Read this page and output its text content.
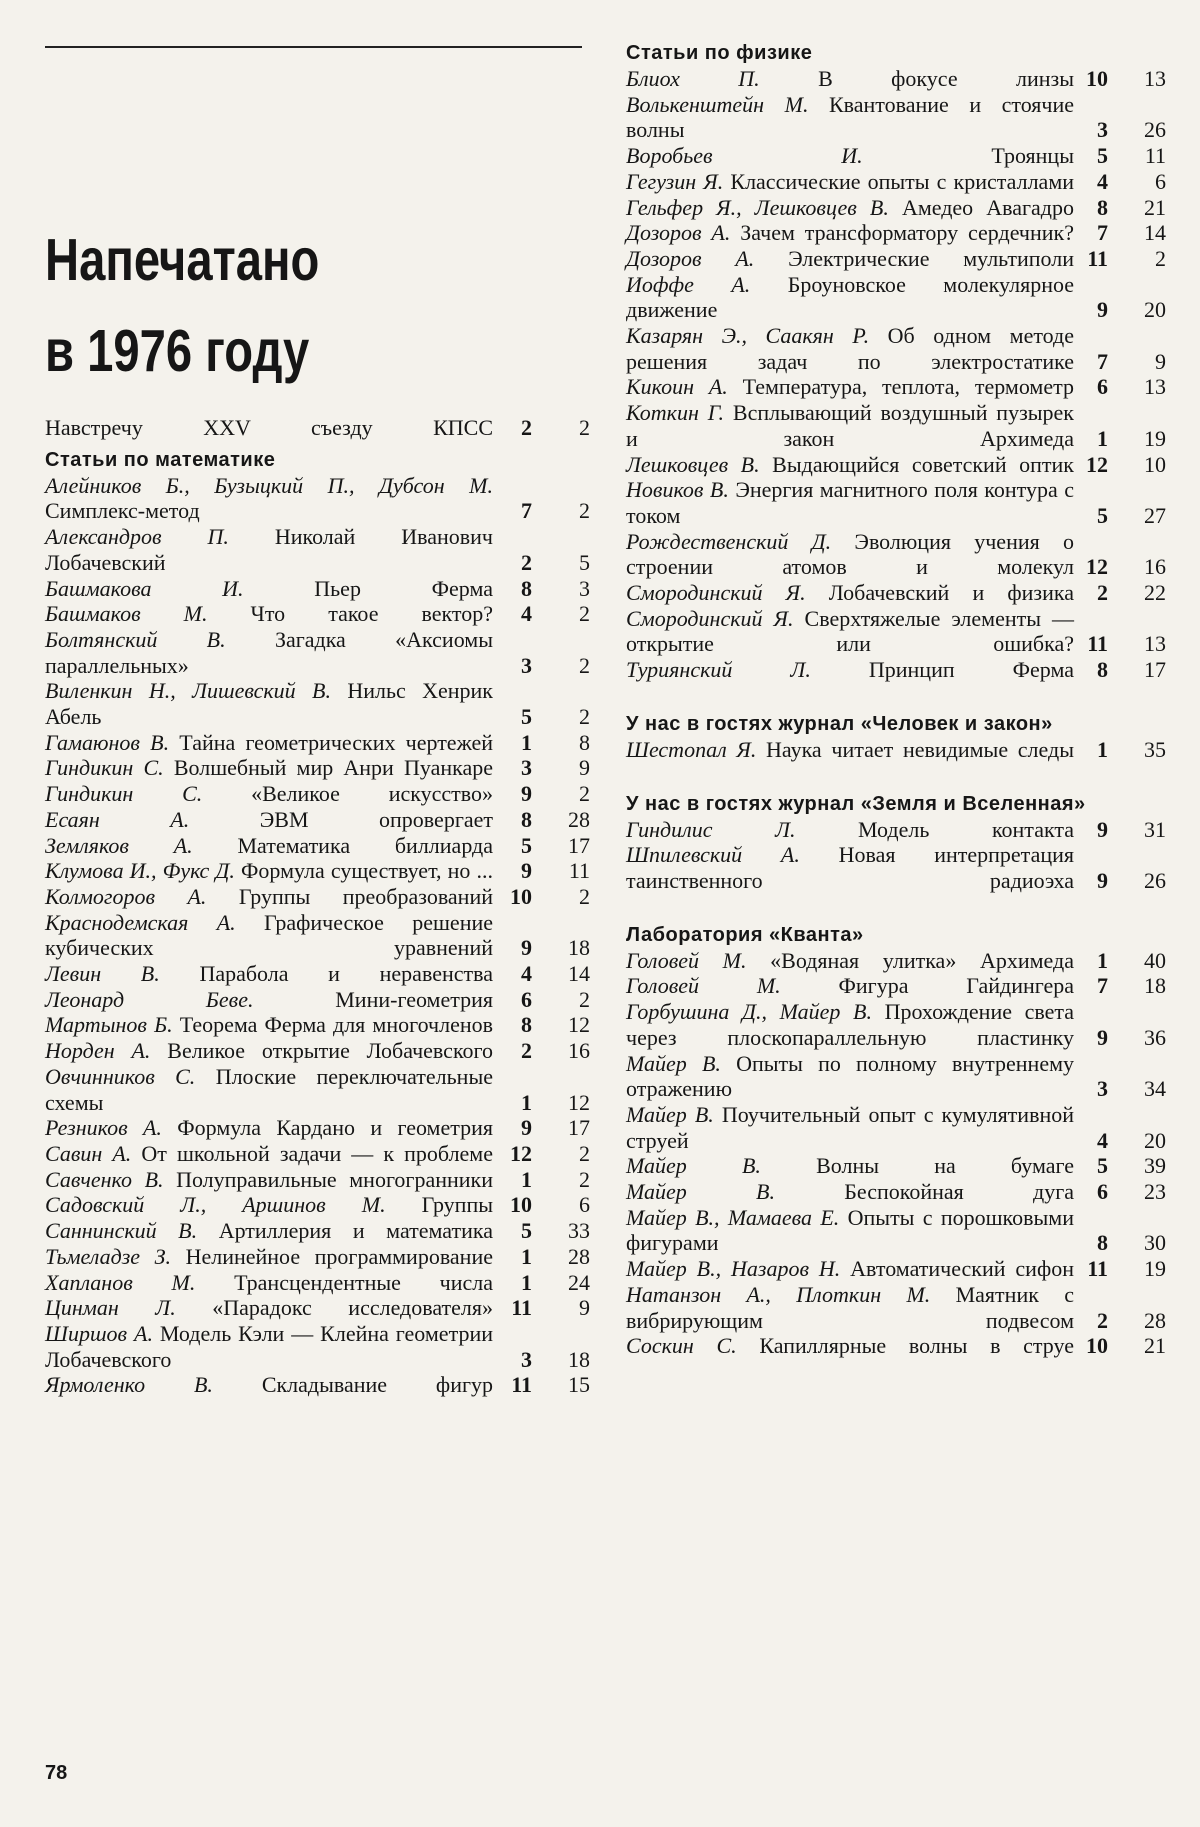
Напечатано
в 1976 году
Навстречу XXV съезду КПСС	2	2
Статьи по математике
Алейников Б., Бузыцкий П., Дубсон М. Симплекс-метод	7	2
Александров П. Николай Иванович Лобачевский	2	5
Башмакова И.	Пьер Ферма	8	3
Башмаков М. Что такое вектор?	4	2
Болтянский В. Загадка «Аксиомы параллельных»	3	2
Виленкин Н., Лишевский В. Нильс Хенрик Абель	5	2
Гамаюнов В. Тайна геометрических чертежей	1	8
Гиндикин С. Волшебный мир Анри Пуанкаре	3	9
Гиндикин С. «Великое искусство»	9	2
Есаян А.	ЭВМ опровергает	8	28
Земляков А. Математика биллиарда	5	17
Клумова И., Фукс Д. Формула существует, но ...	9	11
Колмогоров А. Группы преобразований 10	2
Краснодемская А. Графическое решение кубических уравнений	9	18
Левин В. Парабола и неравенства	4	14
Леонард Беве.	Мини-геометрия	6	2
Мартынов Б. Теорема Ферма для многочленов	8	12
Норден А. Великое открытие Лобачевского	2	16
Овчинников С. Плоские переключательные схемы	1	12
Резников А. Формула Кардано и геометрия	9	17
Савин А. От школьной задачи — к проблеме 12	2
Савченко В. Полуправильные многогранники	1	2
Садовский Л., Аршинов М. Группы 10	6
Саннинский В. Артиллерия и математика	5	33
Тьмеладзе З. Нелинейное программирование	1	28
Хапланов М. Трансцендентные числа	1	24
Цинман Л. «Парадокс исследователя» 11	9
Ширшов А. Модель Кэли — Клейна геометрии Лобачевского	3	18
Ярмоленко В. Складывание фигур 11	15
Статьи по физике
Блиох П.	В фокусе линзы 10	13
Волькенштейн М. Квантование и стоячие волны	3	26
Воробьев И.	Троянцы	5	11
Гегузин Я. Классические опыты с кристаллами	4	6
Гельфер Я., Лешковцев В. Амедео Авагадро	8	21
Дозоров А. Зачем трансформатору сердечник?	7	14
Дозоров А. Электрические мультиполи 11	2
Иоффе А. Броуновское молекулярное движение	9	20
Казарян Э., Саакян Р. Об одном методе решения задач по электростатике	7	9
Кикоин А. Температура, теплота, термометр	6	13
Коткин Г. Всплывающий воздушный пузырек и закон Архимеда	1	19
Лешковцев В. Выдающийся советский оптик 12	10
Новиков В. Энергия магнитного поля контура с током	5	27
Рождественский Д. Эволюция учения о строении атомов и молекул 12	16
Смородинский Я. Лобачевский и физика	2	22
Смородинский Я. Сверхтяжелые элементы — открытие или ошибка? 11	13
Туриянский Л.	Принцип Ферма	8	17
У нас в гостях журнал «Человек и закон»
Шестопал Я. Наука читает невидимые следы	1	35
У нас в гостях журнал «Земля и Вселенная»
Гиндилис Л.	Модель контакта	9	31
Шпилевский А. Новая интерпретация таинственного радиоэха	9	26
Лаборатория «Кванта»
Головей М. «Водяная улитка» Архимеда	1	40
Головей М.	Фигура Гайдингера	7	18
Горбушина Д., Майер В. Прохождение света через плоскопараллельную пластинку	9	36
Майер В. Опыты по полному внутреннему отражению	3	34
Майер В. Поучительный опыт с кумулятивной струей	4	20
Майер В.	Волны на бумаге	5	39
Майер В.	Беспокойная дуга	6	23
Майер В., Мамаева Е. Опыты с порошковыми фигурами	8	30
Майер В., Назаров Н. Автоматический сифон 11	19
Натанзон А., Плоткин М. Маятник с вибрирующим подвесом	2	28
Соскин С. Капиллярные волны в струе 10	21
78
